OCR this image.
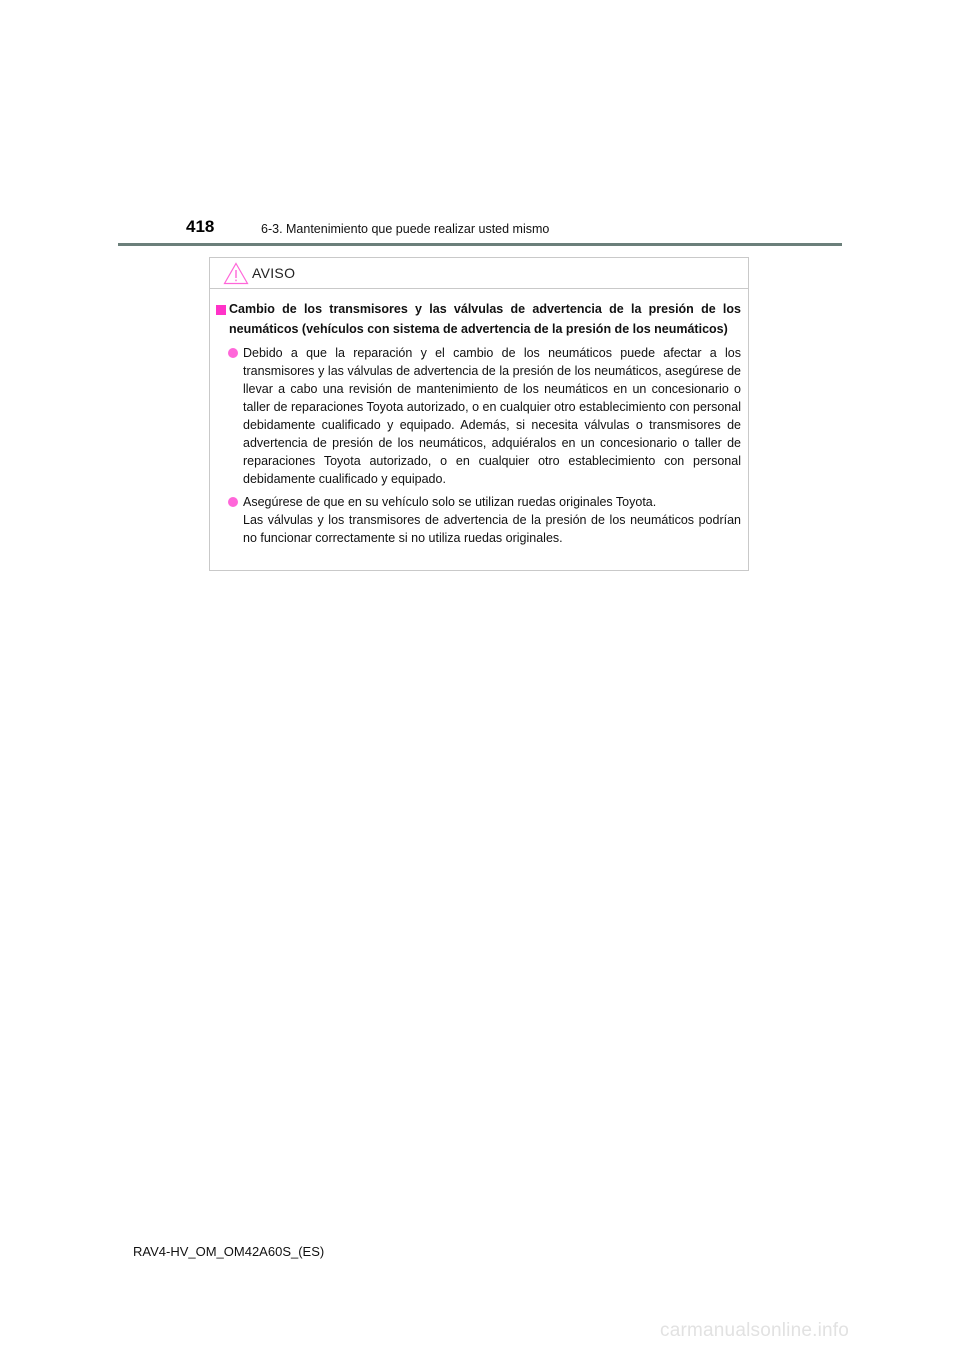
418	6-3. Mantenimiento que puede realizar usted mismo
AVISO
Cambio de los transmisores y las válvulas de advertencia de la presión de los neumáticos (vehículos con sistema de advertencia de la presión de los neumáticos)

Debido a que la reparación y el cambio de los neumáticos puede afectar a los transmisores y las válvulas de advertencia de la presión de los neumáticos, asegúrese de llevar a cabo una revisión de mantenimiento de los neumáticos en un concesionario o taller de reparaciones Toyota autorizado, o en cualquier otro establecimiento con personal debidamente cualificado y equipado. Además, si necesita válvulas o transmisores de advertencia de presión de los neumáticos, adquiéralos en un concesionario o taller de reparaciones Toyota autorizado, o en cualquier otro establecimiento con personal debidamente cualificado y equipado.

Asegúrese de que en su vehículo solo se utilizan ruedas originales Toyota.

Las válvulas y los transmisores de advertencia de la presión de los neumáticos podrían no funcionar correctamente si no utiliza ruedas originales.

RAV4-HV_OM_OM42A60S_(ES)
carmanualsonline.info
